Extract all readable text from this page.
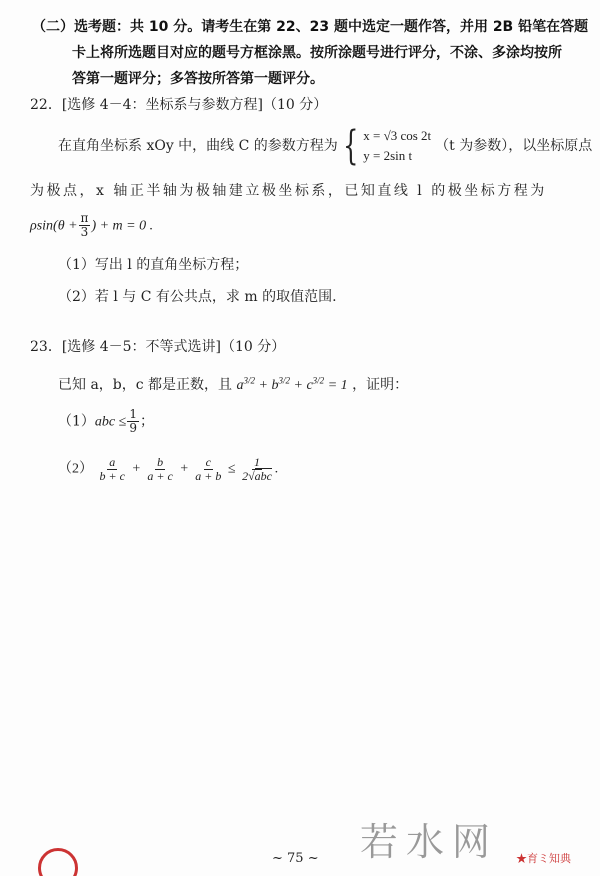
（二）选考题：共 10 分。请考生在第 22、23 题中选定一题作答，并用 2B 铅笔在答题
卡上将所选题目对应的题号方框涂黑。按所涂题号进行评分，不涂、多涂均按所
答第一题评分；多答按所答第一题评分。
22．[选修 4－4：坐标系与参数方程]（10 分）
在直角坐标系 xOy 中，曲线 C 的参数方程为 { x = √3 cos 2t
y = 2sin t
（t 为参数），以坐标原点
为极点，x 轴正半轴为极轴建立极坐标系，已知直线 l 的极坐标方程为
$\rho\sin(\theta + \frac{\pi}{3}$ ) + m = 0 .
（1）写出 l 的直角坐标方程；
（2）若 l 与 C 有公共点，求 m 的取值范围.
23．[选修 4－5：不等式选讲]（10 分）
已知 a，b，c 都是正数，且 $a^{3/2} + b^{3/2} + c^{3/2} = 1$ ，证明：
$(1)abc \le \frac{1}{9}$ ；
$(2) \frac{a}{b + c} + \frac{b}{a + c} + \frac{c}{a + b} \le \frac{1}{\text{2√abc}}$ .
~ 75 ~ 若水网 ★育ミ知典
